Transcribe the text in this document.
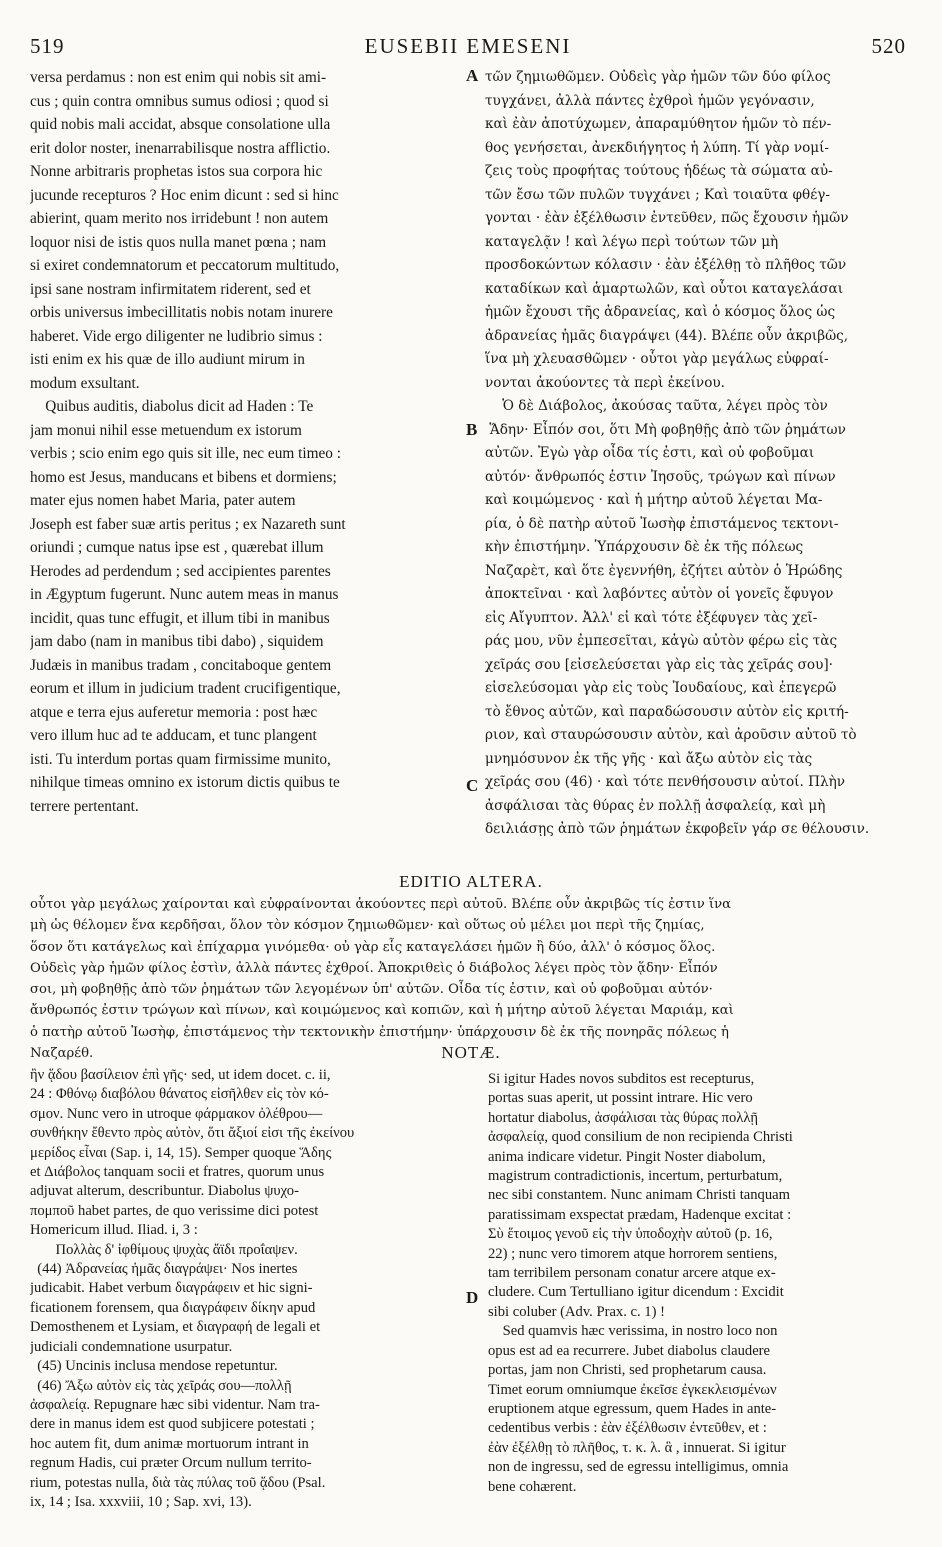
519	EUSEBII EMESENI	520
versa perdamus : non est enim qui nobis sit ami-
cus ; quin contra omnibus sumus odiosi ; quod si
quid nobis mali accidat, absque consolatione ulla
erit dolor noster, inenarrabilisque nostra afflictio.
Nonne arbitraris prophetas istos sua corpora hic
jucunde recepturos ? Hoc enim dicunt : sed si hinc
abierint, quam merito nos irridebunt ! non autem
loquor nisi de istis quos nulla manet pœna ; nam
si exiret condemnatorum et peccatorum multitudo,
ipsi sane nostram infirmitatem riderent, sed et
orbis universus imbecillitatis nobis notam inurere
haberet. Vide ergo diligenter ne ludibrio simus :
isti enim ex his quæ de illo audiunt mirum in
modum exsultant.
Quibus auditis, diabolus dicit ad Haden : Te
jam monui nihil esse metuendum ex istorum
verbis ; scio enim ego quis sit ille, nec eum timeo :
homo est Jesus, manducans et bibens et dormiens;
mater ejus nomen habet Maria, pater autem
Joseph est faber suæ artis peritus ; ex Nazareth sunt
oriundi ; cumque natus ipse est , quærebat illum
Herodes ad perdendum ; sed accipientes parentes
in Ægyptum fugerunt. Nunc autem meas in manus
incidit, quas tunc effugit, et illum tibi in manibus
jam dabo (nam in manibus tibi dabo) , siquidem
Judæis in manibus tradam , concitaboque gentem
eorum et illum in judicium tradent crucifigentique,
atque e terra ejus auferetur memoria : post hæc
vero illum huc ad te adducam, et tunc plangent
isti. Tu interdum portas quam firmissime munito,
nihilque timeas omnino ex istorum dictis quibus te
terrere pertentant.
τῶν ζημιωθῶμεν. Οὐδεὶς γὰρ ἡμῶν τῶν δύο φίλος
τυγχάνει, ἀλλὰ πάντες ἐχθροὶ ἡμῶν γεγόνασιν,
καὶ ἐὰν ἀποτύχωμεν, ἀπαραμύθητον ἡμῶν τὸ πέν-
θος γενήσεται, ἀνεκδιήγητος ἡ λύπη. Τί γὰρ νομί-
ζεις τοὺς προφήτας τούτους ἡδέως τὰ σώματα αὐ-
τῶν ἔσω τῶν πυλῶν τυγχάνει ; Καὶ τοιαῦτα φθέγ-
γονται · ἐὰν ἐξέλθωσιν ἐντεῦθεν, πῶς ἔχουσιν ἡμῶν
καταγελᾷν ! καὶ λέγω περὶ τούτων τῶν μὴ
προσδοκώντων κόλασιν · ἐὰν ἐξέλθῃ τὸ πλῆθος τῶν
καταδίκων καὶ ἁμαρτωλῶν, καὶ οὗτοι καταγελάσαι
ἡμῶν ἔχουσι τῆς ἀδρανείας, καὶ ὁ κόσμος ὅλος ὡς
ἀδρανείας ἡμᾶς διαγράψει (44). Βλέπε οὖν ἀκριβῶς,
ἵνα μὴ χλευασθῶμεν · οὗτοι γὰρ μεγάλως εὐφραί-
νονται ἀκούοντες τὰ περὶ ἐκείνου.
Ὁ δὲ Διάβολος, ἀκούσας ταῦτα, λέγει πρὸς τὸν
Ἅδην· Εἶπόν σοι, ὅτι Μὴ φοβηθῇς ἀπὸ τῶν ῥημάτων
αὐτῶν. Ἐγὼ γὰρ οἶδα τίς ἐστι, καὶ οὐ φοβοῦμαι
αὐτόν· ἄνθρωπός ἐστιν Ἰησοῦς, τρώγων καὶ πίνων
καὶ κοιμώμενος · καὶ ἡ μήτηρ αὐτοῦ λέγεται Μα-
ρία, ὁ δὲ πατὴρ αὐτοῦ Ἰωσὴφ ἐπιστάμενος τεκτονι-
κὴν ἐπιστήμην. Ὑπάρχουσιν δὲ ἐκ τῆς πόλεως
Ναζαρὲτ, καὶ ὅτε ἐγεννήθη, ἐζήτει αὐτὸν ὁ Ἡρώδης
ἀποκτεῖναι · καὶ λαβόντες αὐτὸν οἱ γονεῖς ἔφυγον
εἰς Αἴγυπτον. Ἀλλ' εἰ καὶ τότε ἐξέφυγεν τὰς χεῖ-
ράς μου, νῦν ἐμπεσεῖται, κἀγὼ αὐτὸν φέρω εἰς τὰς
χεῖράς σου [εἰσελεύσεται γὰρ εἰς τὰς χεῖράς σου]·
εἰσελεύσομαι γὰρ εἰς τοὺς Ἰουδαίους, καὶ ἐπεγερῶ
τὸ ἔθνος αὐτῶν, καὶ παραδώσουσιν αὐτὸν εἰς κριτή-
ριον, καὶ σταυρώσουσιν αὐτὸν, καὶ ἀροῦσιν αὐτοῦ τὸ
μνημόσυνον ἐκ τῆς γῆς · καὶ ἄξω αὐτὸν εἰς τὰς
χεῖράς σου (46) · καὶ τότε πενθήσουσιν αὐτοί. Πλὴν
ἀσφάλισαι τὰς θύρας ἐν πολλῇ ἀσφαλείᾳ, καὶ μὴ
δειλιάσῃς ἀπὸ τῶν ῥημάτων ἐκφοβεῖν γάρ σε θέλουσιν.
A
B
C
D
EDITIO ALTERA.
οὗτοι γὰρ μεγάλως χαίρονται καὶ εὐφραίνονται ἀκούοντες περὶ αὐτοῦ. Βλέπε οὖν ἀκριβῶς τίς ἐστιν ἵνα
μὴ ὡς θέλομεν ἕνα κερδῆσαι, ὅλον τὸν κόσμον ζημιωθῶμεν· καὶ οὕτως οὐ μέλει μοι περὶ τῆς ζημίας,
ὅσον ὅτι κατάγελως καὶ ἐπίχαρμα γινόμεθα· οὐ γὰρ εἷς καταγελάσει ἡμῶν ἢ δύο, ἀλλ' ὁ κόσμος ὅλος.
Οὐδεὶς γὰρ ἡμῶν φίλος ἐστὶν, ἀλλὰ πάντες ἐχθροί. Ἀποκριθεὶς ὁ διάβολος λέγει πρὸς τὸν ᾅδην· Εἶπόν
σοι, μὴ φοβηθῇς ἀπὸ τῶν ῥημάτων τῶν λεγομένων ὑπ' αὐτῶν. Οἶδα τίς ἐστιν, καὶ οὐ φοβοῦμαι αὐτόν·
ἄνθρωπός ἐστιν τρώγων καὶ πίνων, καὶ κοιμώμενος καὶ κοπιῶν, καὶ ἡ μήτηρ αὐτοῦ λέγεται Μαριάμ, καὶ
ὁ πατὴρ αὐτοῦ Ἰωσὴφ, ἐπιστάμενος τὴν τεκτονικὴν ἐπιστήμην· ὑπάρχουσιν δὲ ἐκ τῆς πονηρᾶς πόλεως ἡ
Ναζαρέθ.	NOTÆ.
ἢν ᾅδου βασίλειον ἐπὶ γῆς· sed, ut idem docet. c. ii,
24 : Φθόνῳ διαβόλου θάνατος εἰσῆλθεν εἰς τὸν κό-
σμον. Nunc vero in utroque φάρμακον ὀλέθρου—
συνθήκην ἔθεντο πρὸς αὐτὸν, ὅτι ἄξιοί εἰσι τῆς ἐκείνου
μερίδος εἶναι (Sap. i, 14, 15). Semper quoque Ἅδης
et Διάβολος tanquam socii et fratres, quorum unus
adjuvat alterum, describuntur. Diabolus ψυχο-
πομποῦ habet partes, de quo verissime dici potest
Homericum illud. Iliad. i, 3 :
Πολλὰς δ' ἰφθίμους ψυχὰς ἄϊδι προΐαψεν.
(44) Ἀδρανείας ἡμᾶς διαγράψει· Nos inertes
judicabit. Habet verbum διαγράφειν et hic signi-
ficationem forensem, qua διαγράφειν δίκην apud
Demosthenem et Lysiam, et διαγραφή de legali et
judiciali condemnatione usurpatur.
(45) Uncinis inclusa mendose repetuntur.
(46) Ἄξω αὐτὸν εἰς τὰς χεῖράς σου—πολλῇ
ἀσφαλείᾳ. Repugnare hæc sibi videntur. Nam tra-
dere in manus idem est quod subjicere potestati ;
hoc autem fit, dum animæ mortuorum intrant in
regnum Hadis, cui præter Orcum nullum territo-
rium, potestas nulla, διὰ τὰς πύλας τοῦ ᾅδου (Psal.
ix, 14 ; Isa. xxxviii, 10 ; Sap. xvi, 13).
Si igitur Hades novos subditos est recepturus,
portas suas aperit, ut possint intrare. Hic vero
hortatur diabolus, ἀσφάλισαι τὰς θύρας πολλῇ
ἀσφαλείᾳ, quod consilium de non recipienda Christi
anima indicare videtur. Pingit Noster diabolum,
magistrum contradictionis, incertum, perturbatum,
nec sibi constantem. Nunc animam Christi tanquam
paratissimam exspectat prædam, Hadenque excitat :
Σὺ ἕτοιμος γενοῦ εἰς τὴν ὑποδοχὴν αὐτοῦ (p. 16,
22) ; nunc vero timorem atque horrorem sentiens,
tam terribilem personam conatur arcere atque ex-
cludere. Cum Tertulliano igitur dicendum : Excidit
sibi coluber (Adv. Prax. c. 1) !
Sed quamvis hæc verissima, in nostro loco non
opus est ad ea recurrere. Jubet diabolus claudere
portas, jam non Christi, sed prophetarum causa.
Timet eorum omniumque ἐκεῖσε ἐγκεκλεισμένων
eruptionem atque egressum, quem Hades in ante-
cedentibus verbis : ἐὰν ἐξέλθωσιν ἐντεῦθεν, et :
ἐὰν ἐξέλθῃ τὸ πλῆθος, τ. κ. λ. ἃ , innuerat. Si igitur
non de ingressu, sed de egressu intelligimus, omnia
bene cohærent.
